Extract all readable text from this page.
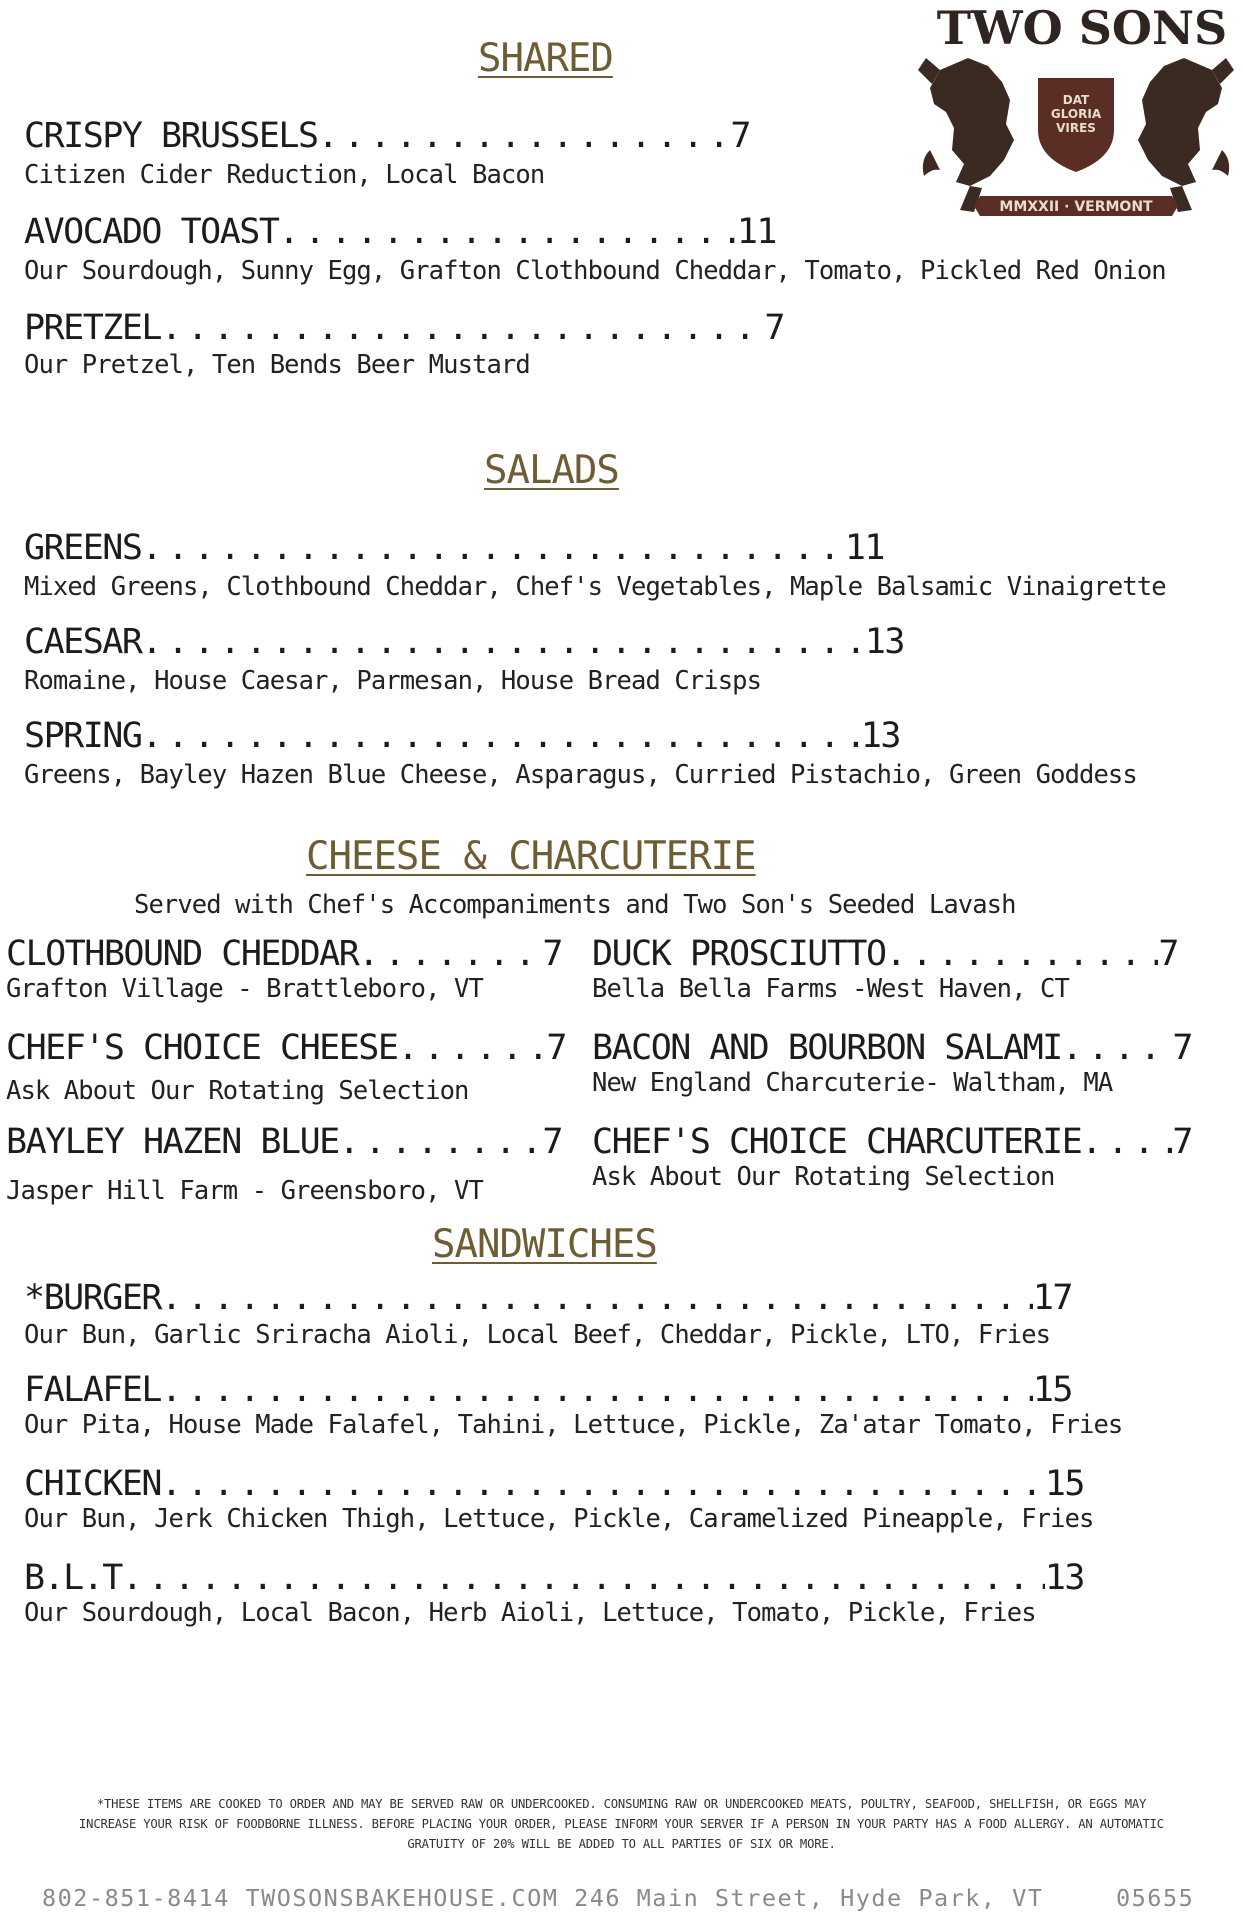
TWO SONS
DAT
GLORIA
VIRES
MMXXII · VERMONT
SHARED
CRISPY BRUSSELS .....	7
Citizen Cider Reduction, Local Bacon
AVOCADO TOAST .....	11
Our Sourdough, Sunny Egg, Grafton Clothbound Cheddar, Tomato, Pickled Red Onion
PRETZEL .....	7
Our Pretzel, Ten Bends Beer Mustard
SALADS
GREENS .....	11
Mixed Greens, Clothbound Cheddar, Chef's Vegetables, Maple Balsamic Vinaigrette
CAESAR .....	13
Romaine, House Caesar, Parmesan, House Bread Crisps
SPRING .....	13
Greens, Bayley Hazen Blue Cheese, Asparagus, Curried Pistachio, Green Goddess
CHEESE & CHARCUTERIE
Served with Chef's Accompaniments and Two Son's Seeded Lavash
CLOTHBOUND CHEDDAR .....	7
Grafton Village - Brattleboro, VT
CHEF'S CHOICE CHEESE .....	7
Ask About Our Rotating Selection
BAYLEY HAZEN BLUE .....	7
Jasper Hill Farm - Greensboro, VT
DUCK PROSCIUTTO .....	7
Bella Bella Farms -West Haven, CT
BACON AND BOURBON SALAMI .....	7
New England Charcuterie- Waltham, MA
CHEF'S CHOICE CHARCUTERIE .....	7
Ask About Our Rotating Selection
SANDWICHES
*BURGER .....	17
Our Bun, Garlic Sriracha Aioli, Local Beef, Cheddar, Pickle, LTO, Fries
FALAFEL .....	15
Our Pita, House Made Falafel, Tahini, Lettuce, Pickle, Za'atar Tomato, Fries
CHICKEN .....	15
Our Bun, Jerk Chicken Thigh, Lettuce, Pickle, Caramelized Pineapple, Fries
B.L.T .....	13
Our Sourdough, Local Bacon, Herb Aioli, Lettuce, Tomato, Pickle, Fries
*THESE ITEMS ARE COOKED TO ORDER AND MAY BE SERVED RAW OR UNDERCOOKED. CONSUMING RAW OR UNDERCOOKED MEATS, POULTRY, SEAFOOD, SHELLFISH, OR EGGS MAY
INCREASE YOUR RISK OF FOODBORNE ILLNESS. BEFORE PLACING YOUR ORDER, PLEASE INFORM YOUR SERVER IF A PERSON IN YOUR PARTY HAS A FOOD ALLERGY. AN AUTOMATIC
GRATUITY OF 20% WILL BE ADDED TO ALL PARTIES OF SIX OR MORE.
802-851-8414 TWOSONSBAKEHOUSE.COM 246 Main Street, Hyde Park, VT	05655
